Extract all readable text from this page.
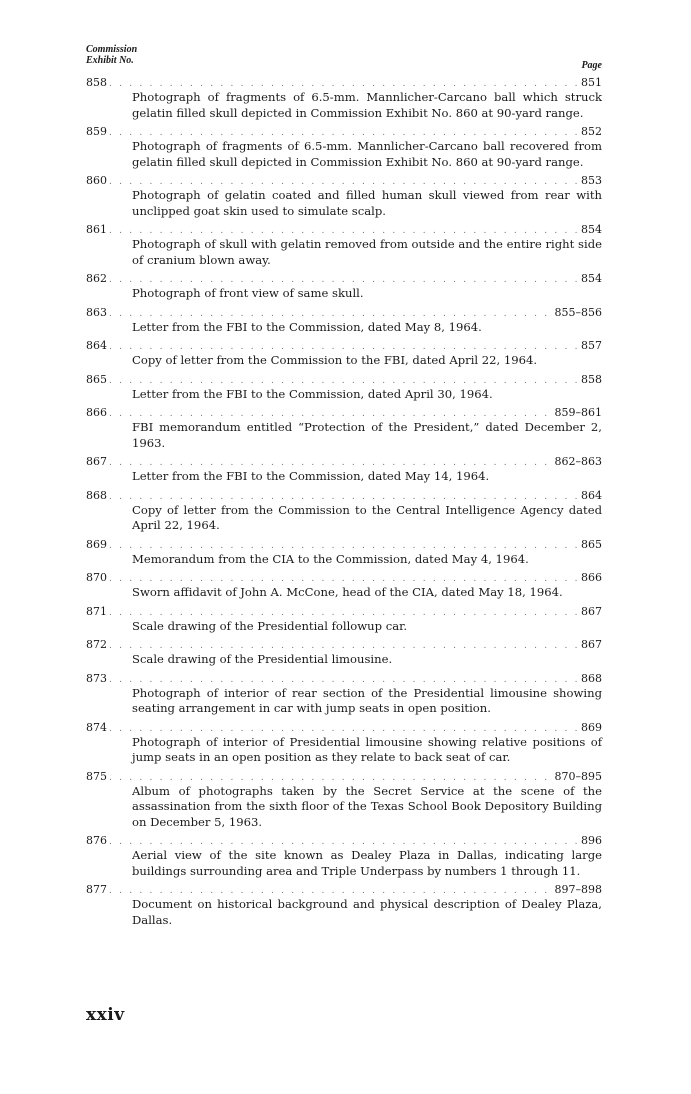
Commission
Exhibit No.	Page
858 . . .	851
Photograph of fragments of 6.5-mm. Mannlicher-Carcano ball which struck gelatin filled skull depicted in Commission Exhibit No. 860 at 90-yard range.
859 . . .	852
Photograph of fragments of 6.5-mm. Mannlicher-Carcano ball recovered from gelatin filled skull depicted in Commission Exhibit No. 860 at 90-yard range.
860 . . .	853
Photograph of gelatin coated and filled human skull viewed from rear with unclipped goat skin used to simulate scalp.
861 . . .	854
Photograph of skull with gelatin removed from outside and the entire right side of cranium blown away.
862 . . .	854
Photograph of front view of same skull.
863 . . .	855–856
Letter from the FBI to the Commission, dated May 8, 1964.
864 . . .	857
Copy of letter from the Commission to the FBI, dated April 22, 1964.
865 . . .	858
Letter from the FBI to the Commission, dated April 30, 1964.
866 . . .	859–861
FBI memorandum entitled “Protection of the President,” dated December 2, 1963.
867 . . .	862–863
Letter from the FBI to the Commission, dated May 14, 1964.
868 . . .	864
Copy of letter from the Commission to the Central Intelligence Agency dated April 22, 1964.
869 . . .	865
Memorandum from the CIA to the Commission, dated May 4, 1964.
870 . . .	866
Sworn affidavit of John A. McCone, head of the CIA, dated May 18, 1964.
871 . . .	867
Scale drawing of the Presidential followup car.
872 . . .	867
Scale drawing of the Presidential limousine.
873 . . .	868
Photograph of interior of rear section of the Presidential limousine showing seating arrangement in car with jump seats in open position.
874 . . .	869
Photograph of interior of Presidential limousine showing relative positions of jump seats in an open position as they relate to back seat of car.
875 . . .	870–895
Album of photographs taken by the Secret Service at the scene of the assassination from the sixth floor of the Texas School Book Depository Building on December 5, 1963.
876 . . .	896
Aerial view of the site known as Dealey Plaza in Dallas, indicating large buildings surrounding area and Triple Underpass by numbers 1 through 11.
877 . . .	897–898
Document on historical background and physical description of Dealey Plaza, Dallas.
xxiv
